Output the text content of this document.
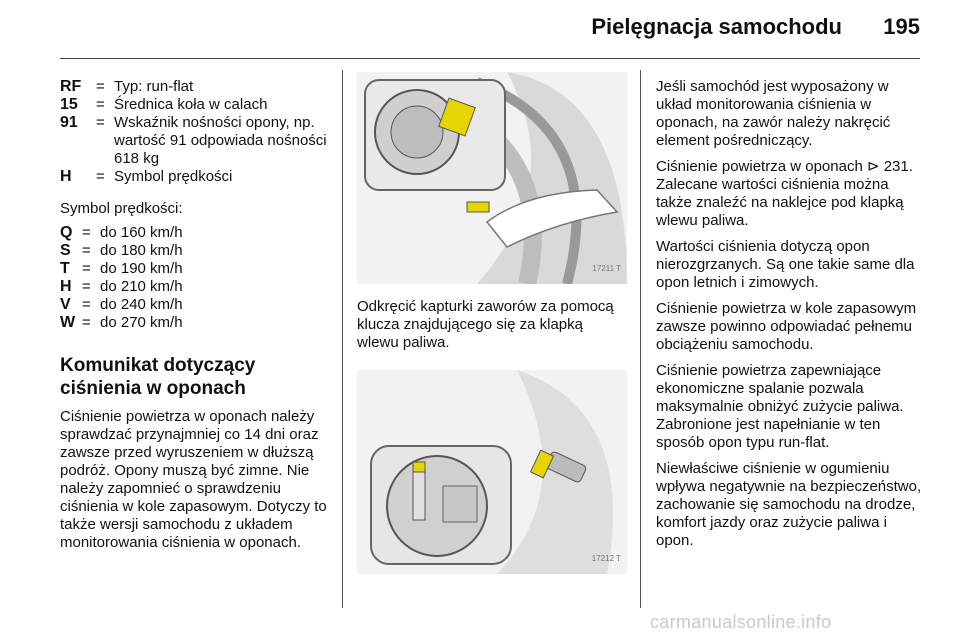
Pielęgnacja samochodu 195
RF = Typ: run-flat
15	= Średnica koła w calach
91	= Wskaźnik nośności opony, np. wartość 91 odpowiada nośności 618 kg
H	= Symbol prędkości
Symbol prędkości:
Q = do 160 km/h
S = do 180 km/h
T = do 190 km/h
H = do 210 km/h
V = do 240 km/h
W = do 270 km/h
Komunikat dotyczący ciśnienia w oponach
Ciśnienie powietrza w oponach należy sprawdzać przynajmniej co 14 dni oraz zawsze przed wyruszeniem w dłuższą podróż. Opony muszą być zimne. Nie należy zapomnieć o sprawdzeniu ciśnienia w kole zapasowym. Dotyczy to także wersji samochodu z układem monitorowania ciśnienia w oponach.
17211 T
Odkręcić kapturki zaworów za pomocą klucza znajdującego się za klapką wlewu paliwa.
17212 T
Jeśli samochód jest wyposażony w układ monitorowania ciśnienia w oponach, na zawór należy nakręcić element pośredniczący.
Ciśnienie powietrza w oponach ⊳ 231. Zalecane wartości ciśnienia można także znaleźć na naklejce pod klapką wlewu paliwa.
Wartości ciśnienia dotyczą opon nierozgrzanych. Są one takie same dla opon letnich i zimowych.
Ciśnienie powietrza w kole zapasowym zawsze powinno odpowiadać pełnemu obciążeniu samochodu.
Ciśnienie powietrza zapewniające ekonomiczne spalanie pozwala maksymalnie obniżyć zużycie paliwa. Zabronione jest napełnianie w ten sposób opon typu run-flat.
Niewłaściwe ciśnienie w ogumieniu wpływa negatywnie na bezpieczeństwo, zachowanie się samochodu na drodze, komfort jazdy oraz zużycie paliwa i opon.
carmanualsonline.info
